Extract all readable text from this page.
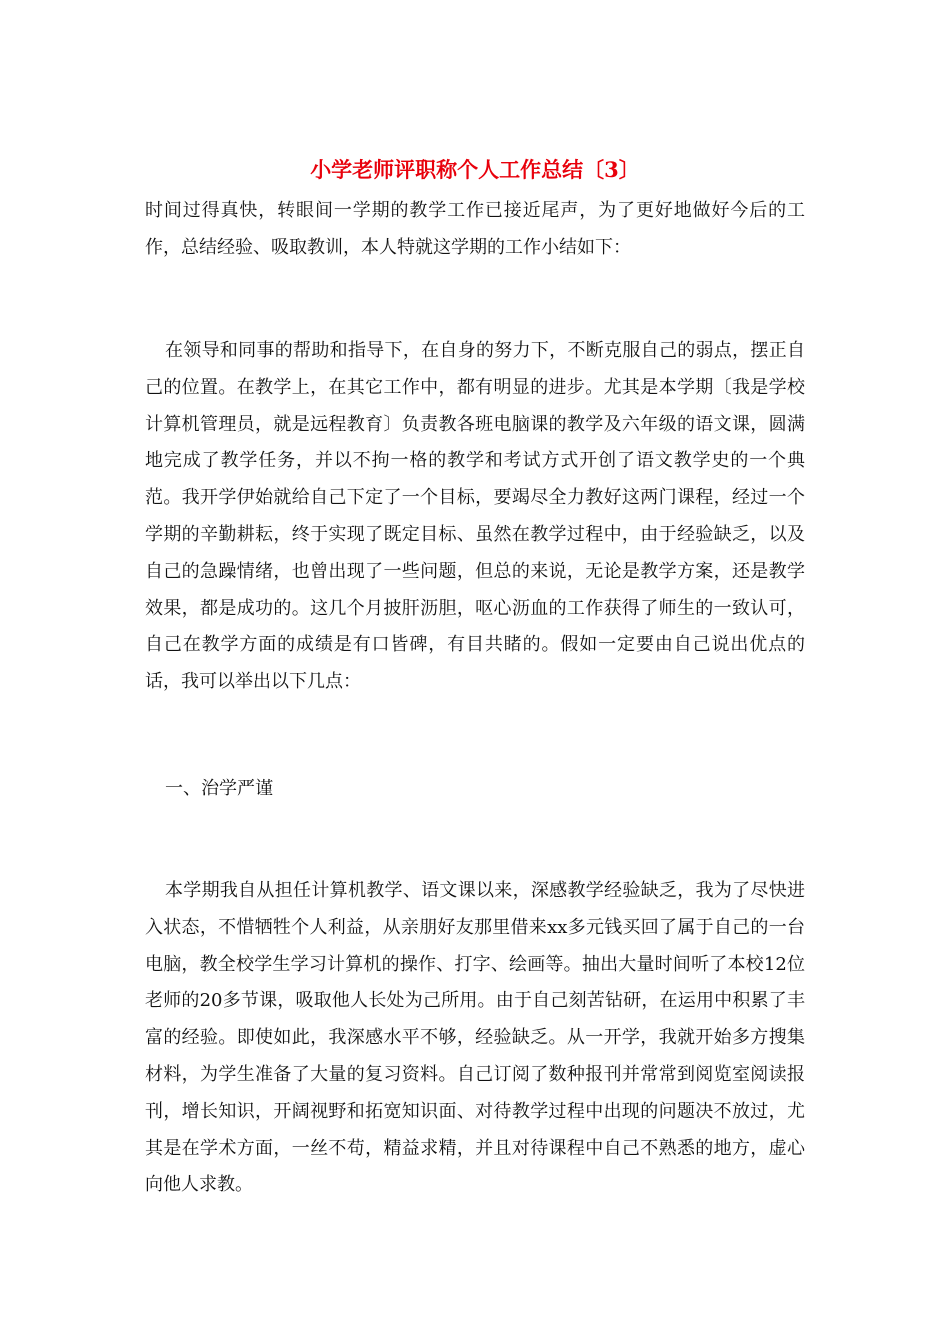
小学老师评职称个人工作总结〔3〕

时间过得真快，转眼间一学期的教学工作已接近尾声，为了更好地做好今后的工作，总结经验、吸取教训，本人特就这学期的工作小结如下：

在领导和同事的帮助和指导下，在自身的努力下，不断克服自己的弱点，摆正自己的位置。在教学上，在其它工作中，都有明显的进步。尤其是本学期〔我是学校计算机管理员，就是远程教育〕负责教各班电脑课的教学及六年级的语文课，圆满地完成了教学任务，并以不拘一格的教学和考试方式开创了语文教学史的一个典范。我开学伊始就给自己下定了一个目标，要竭尽全力教好这两门课程，经过一个学期的辛勤耕耘，终于实现了既定目标、虽然在教学过程中，由于经验缺乏，以及自己的急躁情绪，也曾出现了一些问题，但总的来说，无论是教学方案，还是教学效果，都是成功的。这几个月披肝沥胆，呕心沥血的工作获得了师生的一致认可，自己在教学方面的成绩是有口皆碑，有目共睹的。假如一定要由自己说出优点的话，我可以举出以下几点：

一、治学严谨

本学期我自从担任计算机教学、语文课以来，深感教学经验缺乏，我为了尽快进入状态，不惜牺牲个人利益，从亲朋好友那里借来xx多元钱买回了属于自己的一台电脑，教全校学生学习计算机的操作、打字、绘画等。抽出大量时间听了本校12位老师的20多节课，吸取他人长处为己所用。由于自己刻苦钻研，在运用中积累了丰富的经验。即使如此，我深感水平不够，经验缺乏。从一开学，我就开始多方搜集材料，为学生准备了大量的复习资料。自己订阅了数种报刊并常常到阅览室阅读报刊，增长知识，开阔视野和拓宽知识面、对待教学过程中出现的问题决不放过，尤其是在学术方面，一丝不苟，精益求精，并且对待课程中自己不熟悉的地方，虚心向他人求教。
